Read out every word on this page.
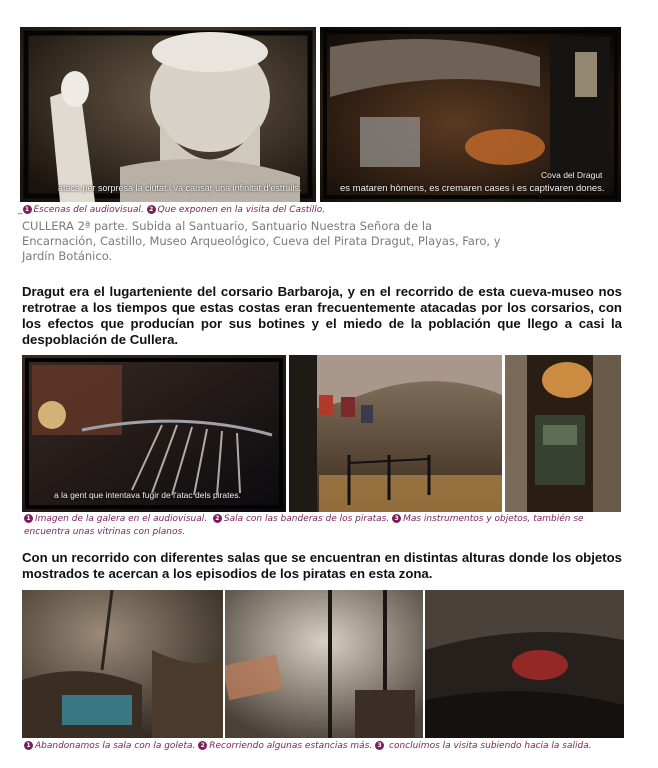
ataca per sorpresa la ciutat i va causar una infinitat d'estralls.
Cova del Dragut
es mataren hòmens, es cremaren cases i es captivaren dones.
_ 1 Escenas del audiovisual. 2 Que exponen en la visita del Castillo.
CULLERA 2ª parte. Subida al Santuario, Santuario Nuestra Señora de la
Encarnación, Castillo, Museo Arqueológico, Cueva del Pirata Dragut, Playas, Faro, y
Jardín Botánico.
Dragut era el lugarteniente del corsario Barbaroja, y en el recorrido de esta cueva-museo nos retrotrae a los tiempos que estas costas eran frecuentemente atacadas por los corsarios, con los efectos que producían por sus botines y el miedo de la población que llego a casi la despoblación de Cullera.
a la gent que intentava fugir de l'atac dels pirates.
1 Imagen de la galera en el audiovisual. 2 Sala con las banderas de los piratas. 3 Mas instrumentos y objetos, también se
encuentra unas vitrinas con planos.
Con un recorrido con diferentes salas que se encuentran en distintas alturas donde los objetos mostrados te acercan a los episodios de los piratas en esta zona.
1 Abandonamos la sala con la goleta. 2 Recorriendo algunas estancias más. 3 concluimos la visita subiendo hacia la salida.
